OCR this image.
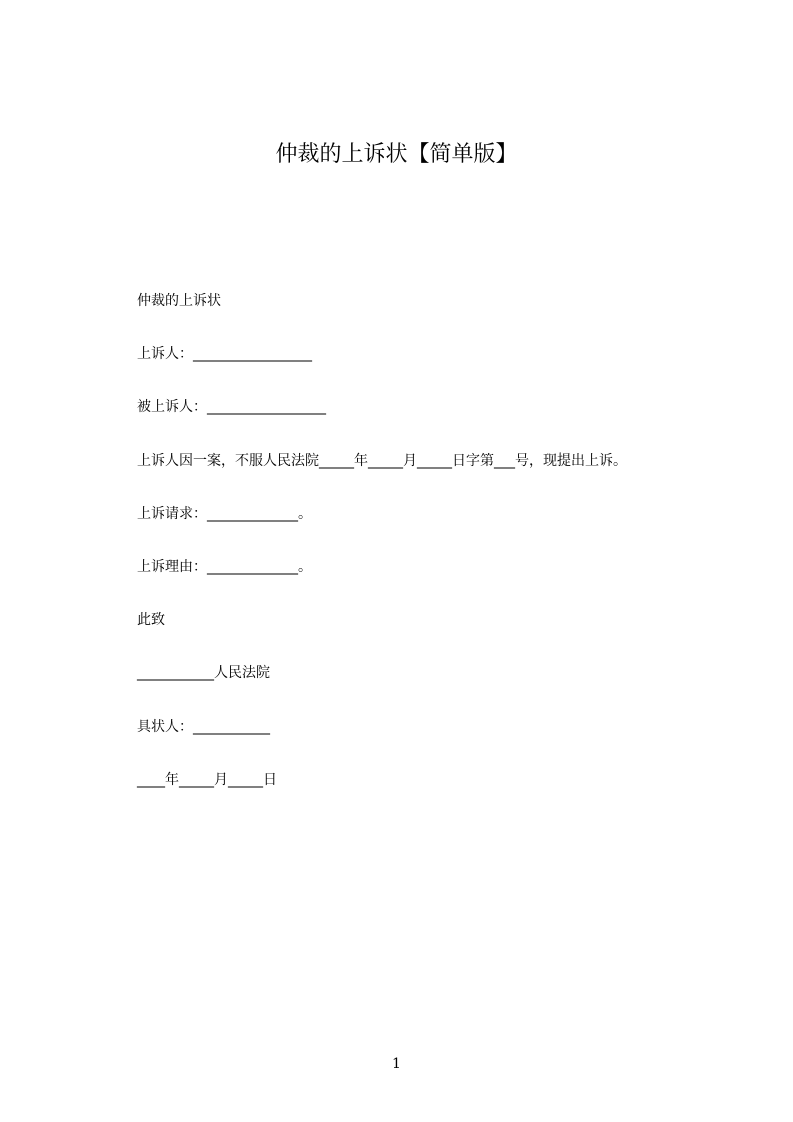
仲裁的上诉状【简单版】
仲裁的上诉状
上诉人：_________________
被上诉人：_________________
上诉人因一案，不服人民法院_____年_____月_____日字第___号，现提出上诉。
上诉请求：_____________。
上诉理由：_____________。
此致
___________人民法院
具状人：___________
____年_____月_____日
1
